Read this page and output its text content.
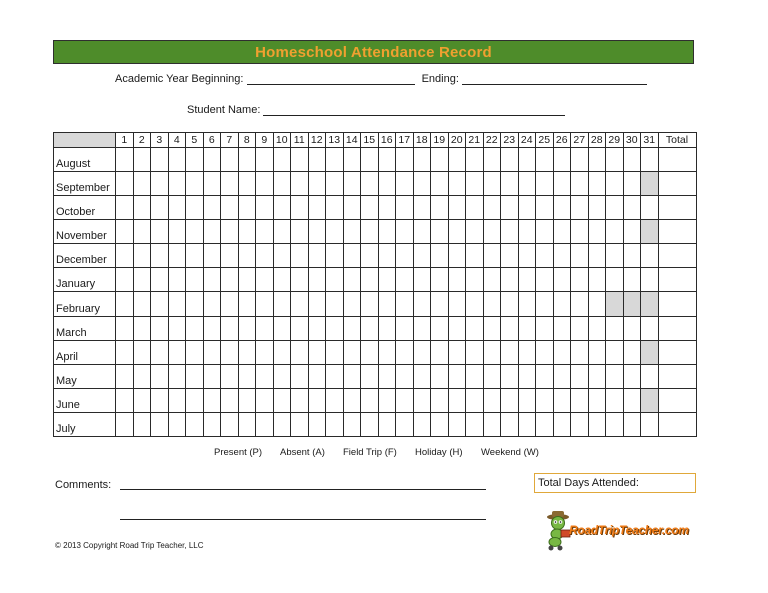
Homeschool Attendance Record
Academic Year Beginning:	Ending:
Student Name:
	1	2	3	4	5	6	7	8	9	10	11	12	13	14	15	16	17	18	19	20	21	22	23	24	25	26	27	28	29	30	31	Total
August																																
September																																
October																																
November																																
December																																
January																																
February																																
March																																
April																																
May																																
June																																
July																																
Present (P) Absent (A) Field Trip (F) Holiday (H) Weekend (W)
Comments:	Total Days Attended:
© 2013 Copyright Road Trip Teacher, LLC
RoadTripTeacher.com
